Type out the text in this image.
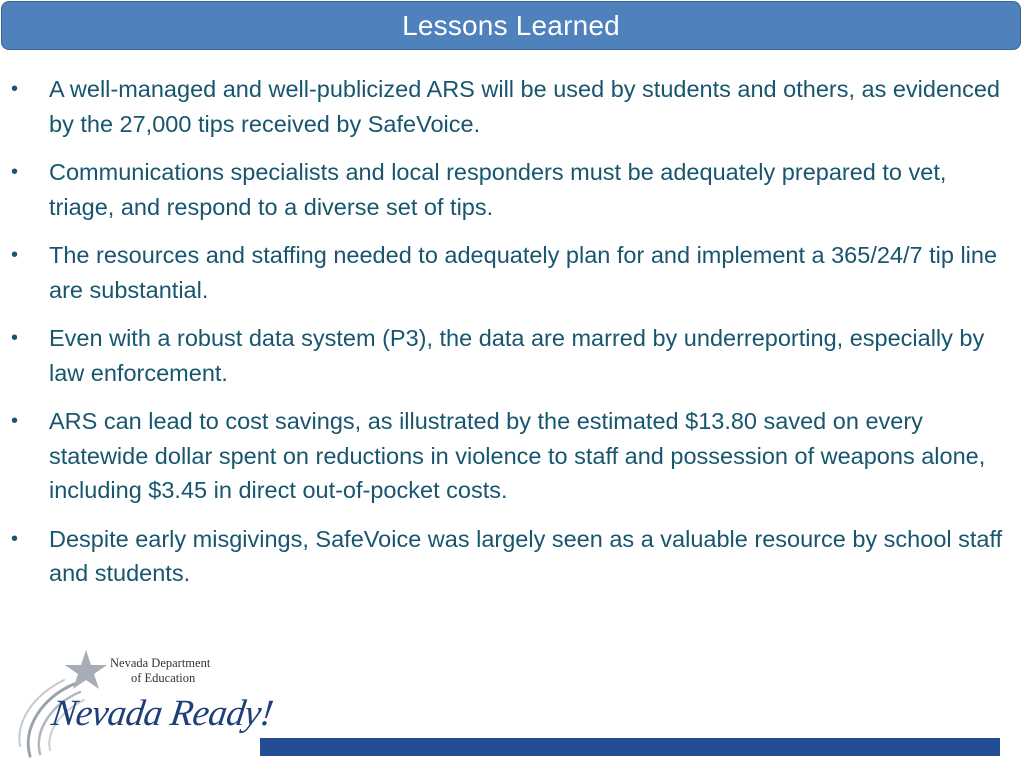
Lessons Learned
• A well-managed and well-publicized ARS will be used by students and others, as evidenced by the 27,000 tips received by SafeVoice.
• Communications specialists and local responders must be adequately prepared to vet, triage, and respond to a diverse set of tips.
• The resources and staffing needed to adequately plan for and implement a 365/24/7 tip line are substantial.
• Even with a robust data system (P3), the data are marred by underreporting, especially by law enforcement.
• ARS can lead to cost savings, as illustrated by the estimated $13.80 saved on every statewide dollar spent on reductions in violence to staff and possession of weapons alone, including $3.45 in direct out-of-pocket costs.
• Despite early misgivings, SafeVoice was largely seen as a valuable resource by school staff and students.
Nevada Department
of Education
Nevada Ready!
